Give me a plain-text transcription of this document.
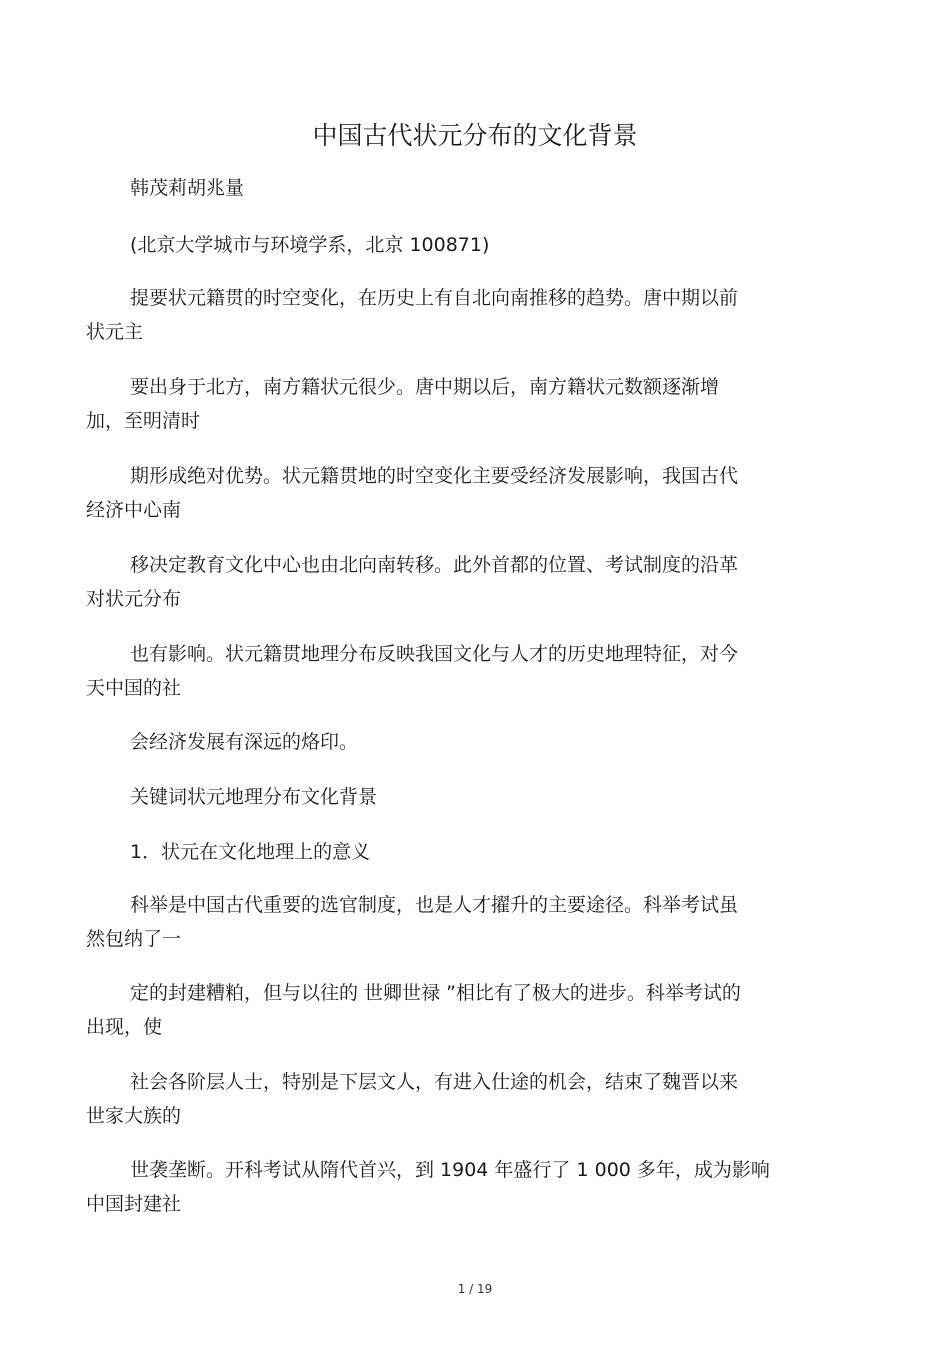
中国古代状元分布的文化背景
韩茂莉胡兆量
(北京大学城市与环境学系，北京 100871)
提要状元籍贯的时空变化，在历史上有自北向南推移的趋势。唐中期以前
状元主
要出身于北方，南方籍状元很少。唐中期以后，南方籍状元数额逐渐增
加，至明清时
期形成绝对优势。状元籍贯地的时空变化主要受经济发展影响，我国古代
经济中心南
移决定教育文化中心也由北向南转移。此外首都的位置、考试制度的沿革
对状元分布
也有影响。状元籍贯地理分布反映我国文化与人才的历史地理特征，对今
天中国的社
会经济发展有深远的烙印。
关键词状元地理分布文化背景
1．状元在文化地理上的意义
科举是中国古代重要的选官制度，也是人才擢升的主要途径。科举考试虽
然包纳了一
定的封建糟粕，但与以往的 世卿世禄 ”相比有了极大的进步。科举考试的
出现，使
社会各阶层人士，特别是下层文人，有进入仕途的机会，结束了魏晋以来
世家大族的
世袭垄断。开科考试从隋代首兴，到 1904 年盛行了 1 000 多年，成为影响
中国封建社
1 / 19
